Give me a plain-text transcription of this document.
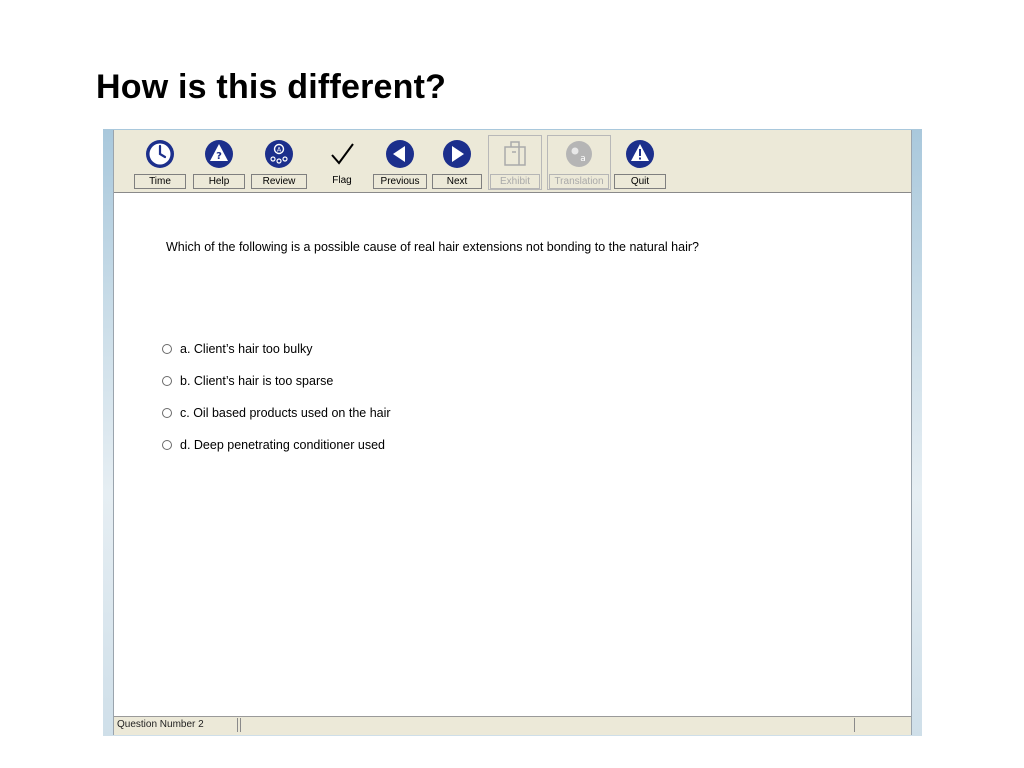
How is this different?
Time
?
Help
A
Review	Flag	Previous	Next	Exhibit
a
Translation	Quit
Which of the following is a possible cause of real hair extensions not bonding to the natural hair?
a. Client’s hair too bulky
b. Client’s hair is too sparse
c. Oil based products used on the hair
d. Deep penetrating conditioner used
Question Number 2
